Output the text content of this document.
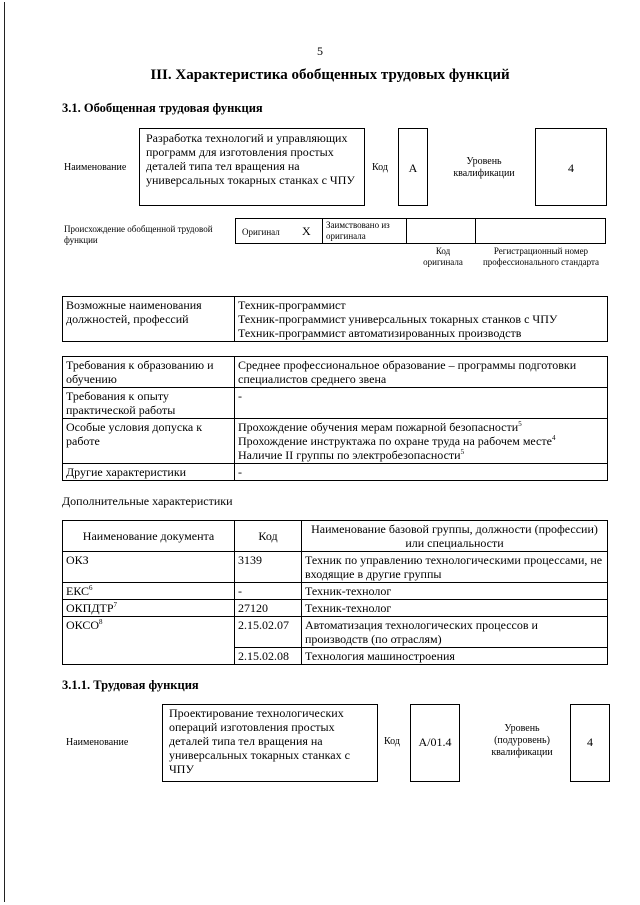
5
III. Характеристика обобщенных трудовых функций
3.1. Обобщенная трудовая функция
Наименование
Разработка технологий и управляющих программ для изготовления простых деталей типа тел вращения на универсальных токарных станках с ЧПУ
Код	А	Уровень квалификации	4
Происхождение обобщенной трудовой функции
Оригинал X Заимствовано из оригинала
Код оригинала
Регистрационный номер профессионального стандарта
Возможные наименования должностей, профессий	
Техник-программист
Техник-программист универсальных токарных станков с ЧПУ
Техник-программист автоматизированных производств
Требования к образованию и обучению	Среднее профессиональное образование – программы подготовки специалистов среднего звена
Требования к опыту практической работы	-
Особые условия допуска к работе	Прохождение обучения мерам пожарной безопасности$^5$
Прохождение инструктажа по охране труда на рабочем месте$^4$
Наличие II группы по электробезопасности$^5$

Другие характеристики	-
Дополнительные характеристики
Наименование документа	Код	Наименование базовой группы, должности (профессии) или специальности
ОКЗ	3139	Техник по управлению технологическими процессами, не входящие в другие группы
ЕКС$^6$	-	Техник-технолог
ОКПДТР$^7$	27120	Техник-технолог
ОКСО$^8$	2.15.02.07	Автоматизация технологических процессов и производств (по отраслям)
	2.15.02.08	Технология машиностроения
3.1.1. Трудовая функция
Наименование
Проектирование технологических операций изготовления простых деталей типа тел вращения на универсальных токарных станках с ЧПУ
Код	А/01.4
Уровень (подуровень) квалификации
4
